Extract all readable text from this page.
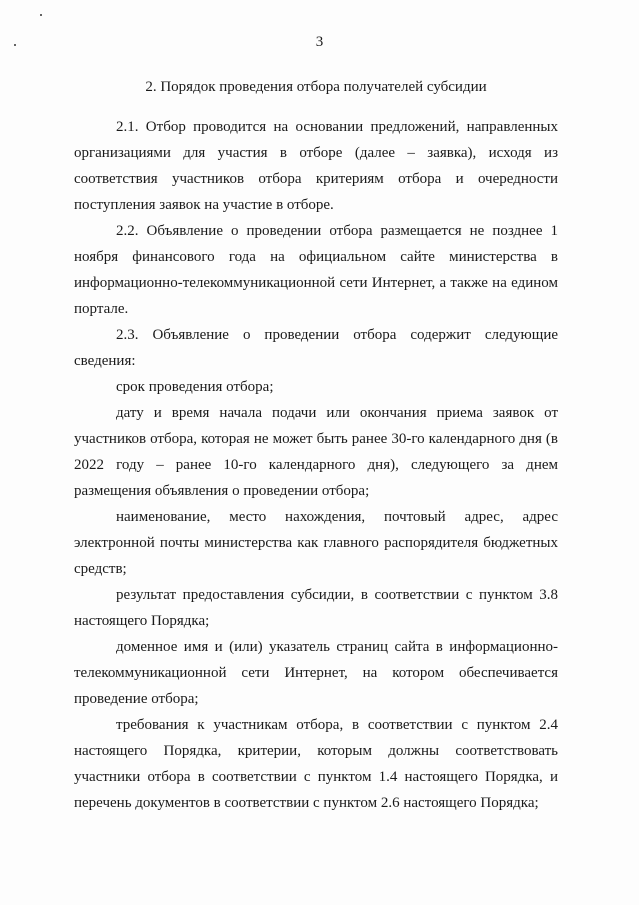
3
2. Порядок проведения отбора получателей субсидии

2.1. Отбор проводится на основании предложений, направленных организациями для участия в отборе (далее – заявка), исходя из соответствия участников отбора критериям отбора и очередности поступления заявок на участие в отборе.

2.2. Объявление о проведении отбора размещается не позднее 1 ноября финансового года на официальном сайте министерства в информационно-телекоммуникационной сети Интернет, а также на едином портале.

2.3. Объявление о проведении отбора содержит следующие сведения:

срок проведения отбора;

дату и время начала подачи или окончания приема заявок от участников отбора, которая не может быть ранее 30-го календарного дня (в 2022 году – ранее 10-го календарного дня), следующего за днем размещения объявления о проведении отбора;

наименование, место нахождения, почтовый адрес, адрес электронной почты министерства как главного распорядителя бюджетных средств;

результат предоставления субсидии, в соответствии с пунктом 3.8 настоящего Порядка;

доменное имя и (или) указатель страниц сайта в информационно-телекоммуникационной сети Интернет, на котором обеспечивается проведение отбора;

требования к участникам отбора, в соответствии с пунктом 2.4 настоящего Порядка, критерии, которым должны соответствовать участники отбора в соответствии с пунктом 1.4 настоящего Порядка, и перечень документов в соответствии с пунктом 2.6 настоящего Порядка;
